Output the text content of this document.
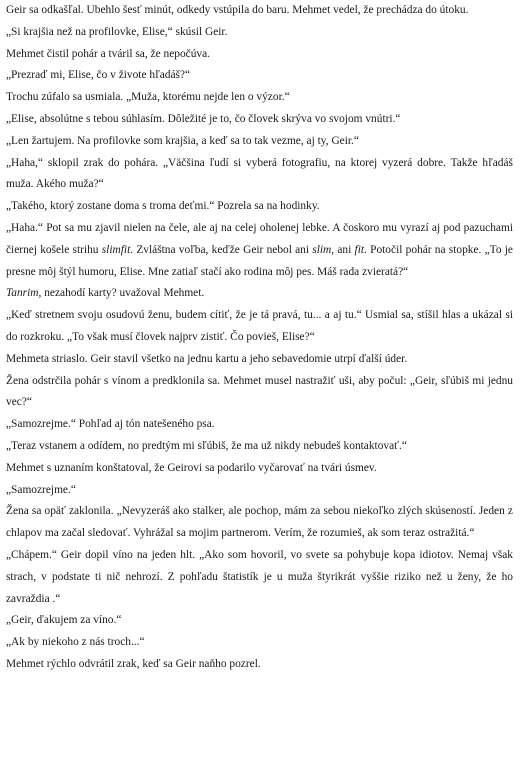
Geir sa odkašľal. Ubehlo šesť minút, odkedy vstúpila do baru. Mehmet vedel, že prechádza do útoku.

„Si krajšia než na profilovke, Elise,“ skúsil Geir.

Mehmet čistil pohár a tváril sa, že nepočúva.

„Prezraď mi, Elise, čo v živote hľadáš?“

Trochu zúfalo sa usmiala. „Muža, ktorému nejde len o výzor.“

„Elise, absolútne s tebou súhlasím. Dôležité je to, čo človek skrýva vo svojom vnútri.“

„Len žartujem. Na profilovke som krajšia, a keď sa to tak vezme, aj ty, Geir.“

„Haha,“ sklopil zrak do pohára. „Väčšina ľudí si vyberá fotografiu, na ktorej vyzerá dobre. Takže hľadáš muža. Akého muža?“

„Takého, ktorý zostane doma s troma deťmi.“ Pozrela sa na hodinky.

„Haha.“ Pot sa mu zjavil nielen na čele, ale aj na celej oholenej lebke. A čoskoro mu vyrazí aj pod pazuchami čiernej košele strihu slimfit. Zvláštna voľba, keďže Geir nebol ani slim, ani fit. Potočil pohár na stopke. „To je presne môj štýl humoru, Elise. Mne zatiaľ stačí ako rodina môj pes. Máš rada zvieratá?“

Tanrim, nezahodí karty? uvažoval Mehmet.

„Keď stretnem svoju osudovú ženu, budem cítiť, že je tá pravá, tu... a aj tu.“ Usmial sa, stíšil hlas a ukázal si do rozkroku. „To však musí človek najprv zistiť. Čo povieš, Elise?“

Mehmeta striaslo. Geir stavil všetko na jednu kartu a jeho sebavedomie utrpí ďalší úder.

Žena odstrčila pohár s vínom a predklonila sa. Mehmet musel nastražiť uši, aby počul: „Geir, sľúbiš mi jednu vec?“

„Samozrejme.“ Pohľad aj tón natešeného psa.

„Teraz vstanem a odídem, no predtým mi sľúbiš, že ma už nikdy nebudeš kontaktovať.“

Mehmet s uznaním konštatoval, že Geirovi sa podarilo vyčarovať na tvári úsmev.

„Samozrejme.“

Žena sa opäť zaklonila. „Nevyzeráš ako stalker, ale pochop, mám za sebou niekoľko zlých skúseností. Jeden z chlapov ma začal sledovať. Vyhrážal sa mojim partnerom. Verím, že rozumieš, ak som teraz ostražitá.“

„Chápem.“ Geir dopil víno na jeden hlt. „Ako som hovoril, vo svete sa pohybuje kopa idiotov. Nemaj však strach, v podstate ti nič nehrozí. Z pohľadu štatistík je u muža štyrikrát vyššie riziko než u ženy, že ho zavraždia .“

„Geir, ďakujem za víno.“

„Ak by niekoho z nás troch...“

Mehmet rýchlo odvrátil zrak, keď sa Geir naňho pozrel.
